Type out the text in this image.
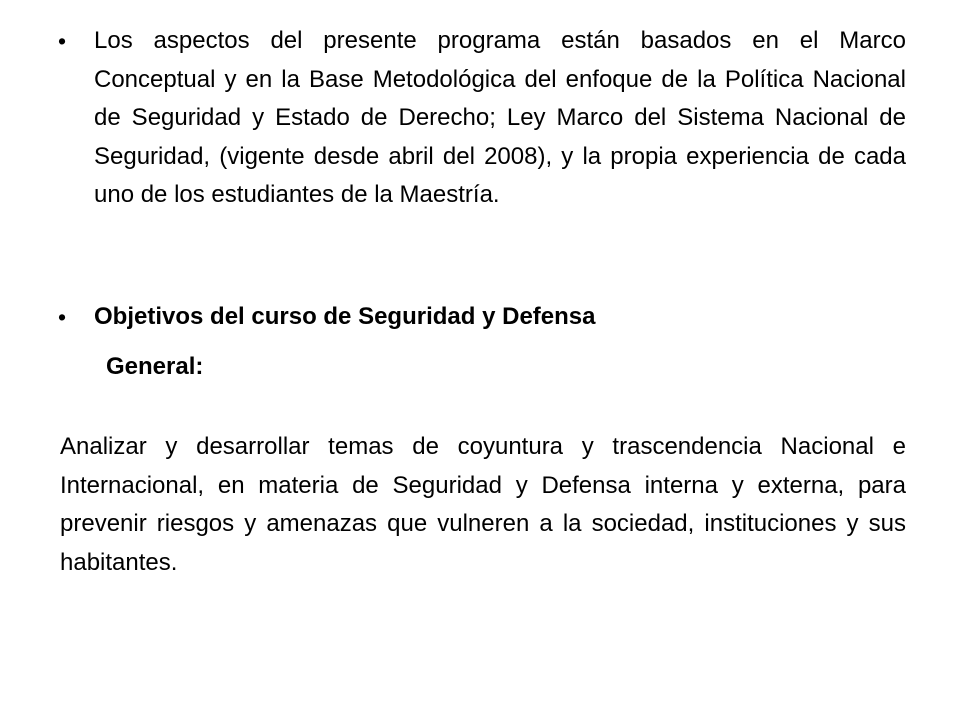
•	Los aspectos del presente programa están basados en el Marco Conceptual y en la Base Metodológica del enfoque de la Política Nacional de Seguridad y Estado de Derecho; Ley Marco del Sistema Nacional de Seguridad, (vigente desde abril del 2008), y la propia experiencia de cada uno de los estudiantes de la Maestría.
•	Objetivos del curso de Seguridad y Defensa
General:
Analizar y desarrollar temas de coyuntura y trascendencia Nacional e Internacional, en materia de Seguridad y Defensa interna y externa, para prevenir riesgos y amenazas que vulneren a la sociedad, instituciones y sus habitantes.
